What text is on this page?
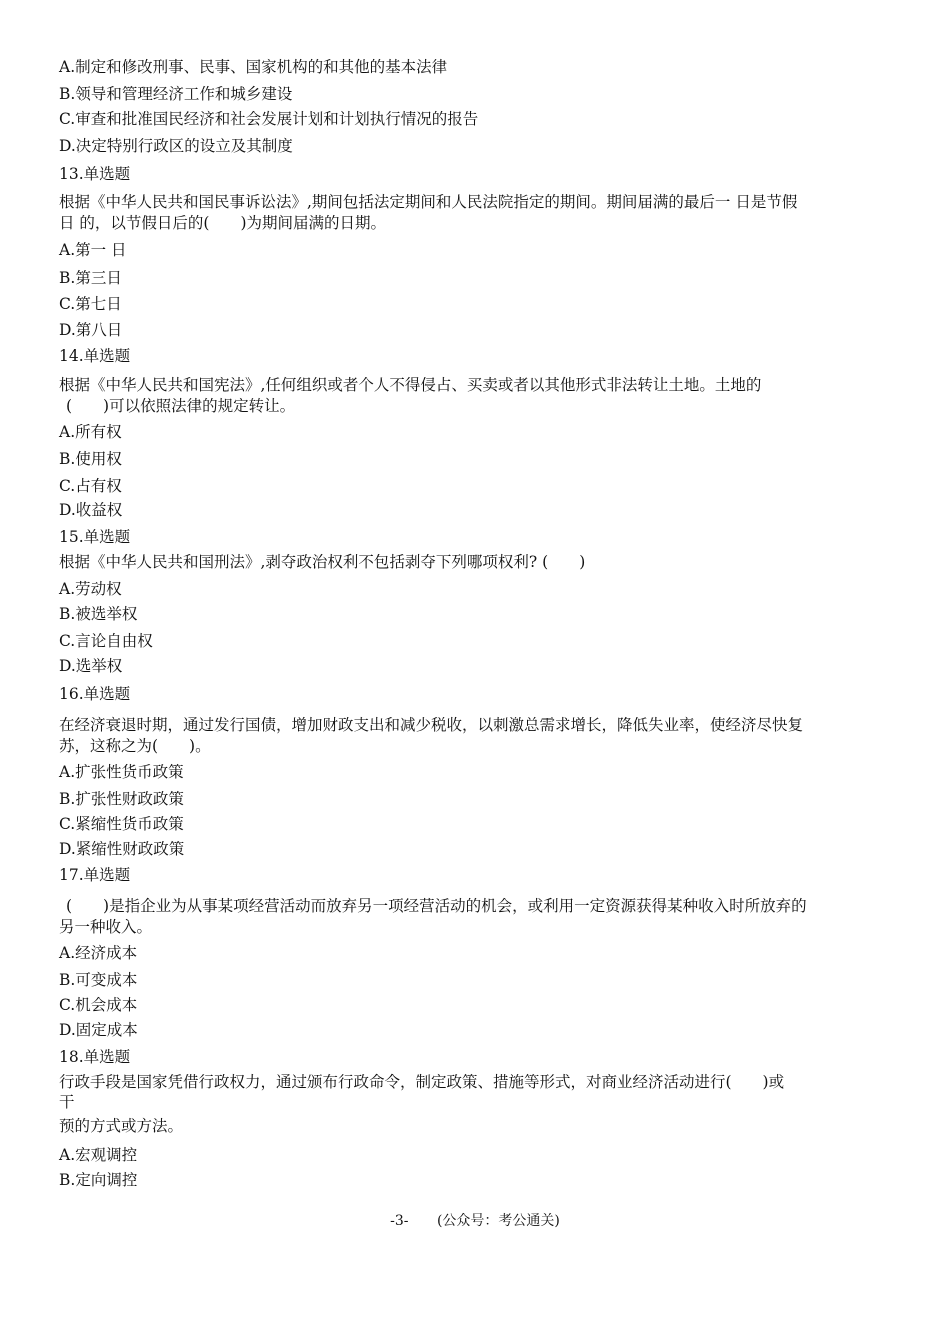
A.制定和修改刑事、民事、国家机构的和其他的基本法律
B.领导和管理经济工作和城乡建设
C.审查和批准国民经济和社会发展计划和计划执行情况的报告
D.决定特别行政区的设立及其制度
13.单选题
根据《中华人民共和国民事诉讼法》,期间包括法定期间和人民法院指定的期间。期间届满的最后一 日是节假
日 的，以节假日后的(　　)为期间届满的日期。
A.第一 日
B.第三日
C.第七日
D.第八日
14.单选题
根据《中华人民共和国宪法》,任何组织或者个人不得侵占、买卖或者以其他形式非法转让土地。土地的
(　　)可以依照法律的规定转让。
A.所有权
B.使用权
C.占有权
D.收益权
15.单选题
根据《中华人民共和国刑法》,剥夺政治权利不包括剥夺下列哪项权利? (　　)
A.劳动权
B.被选举权
C.言论自由权
D.选举权
16.单选题
在经济衰退时期，通过发行国债，增加财政支出和减少税收，以刺激总需求增长，降低失业率，使经济尽快复
苏，这称之为(　　)。
A.扩张性货币政策
B.扩张性财政政策
C.紧缩性货币政策
D.紧缩性财政政策
17.单选题
(　　)是指企业为从事某项经营活动而放弃另一项经营活动的机会，或利用一定资源获得某种收入时所放弃的
另一种收入。
A.经济成本
B.可变成本
C.机会成本
D.固定成本
18.单选题
行政手段是国家凭借行政权力，通过颁布行政命令，制定政策、措施等形式，对商业经济活动进行(　　)或
干
预的方式或方法。
A.宏观调控
B.定向调控
-3- (公众号：考公通关)
